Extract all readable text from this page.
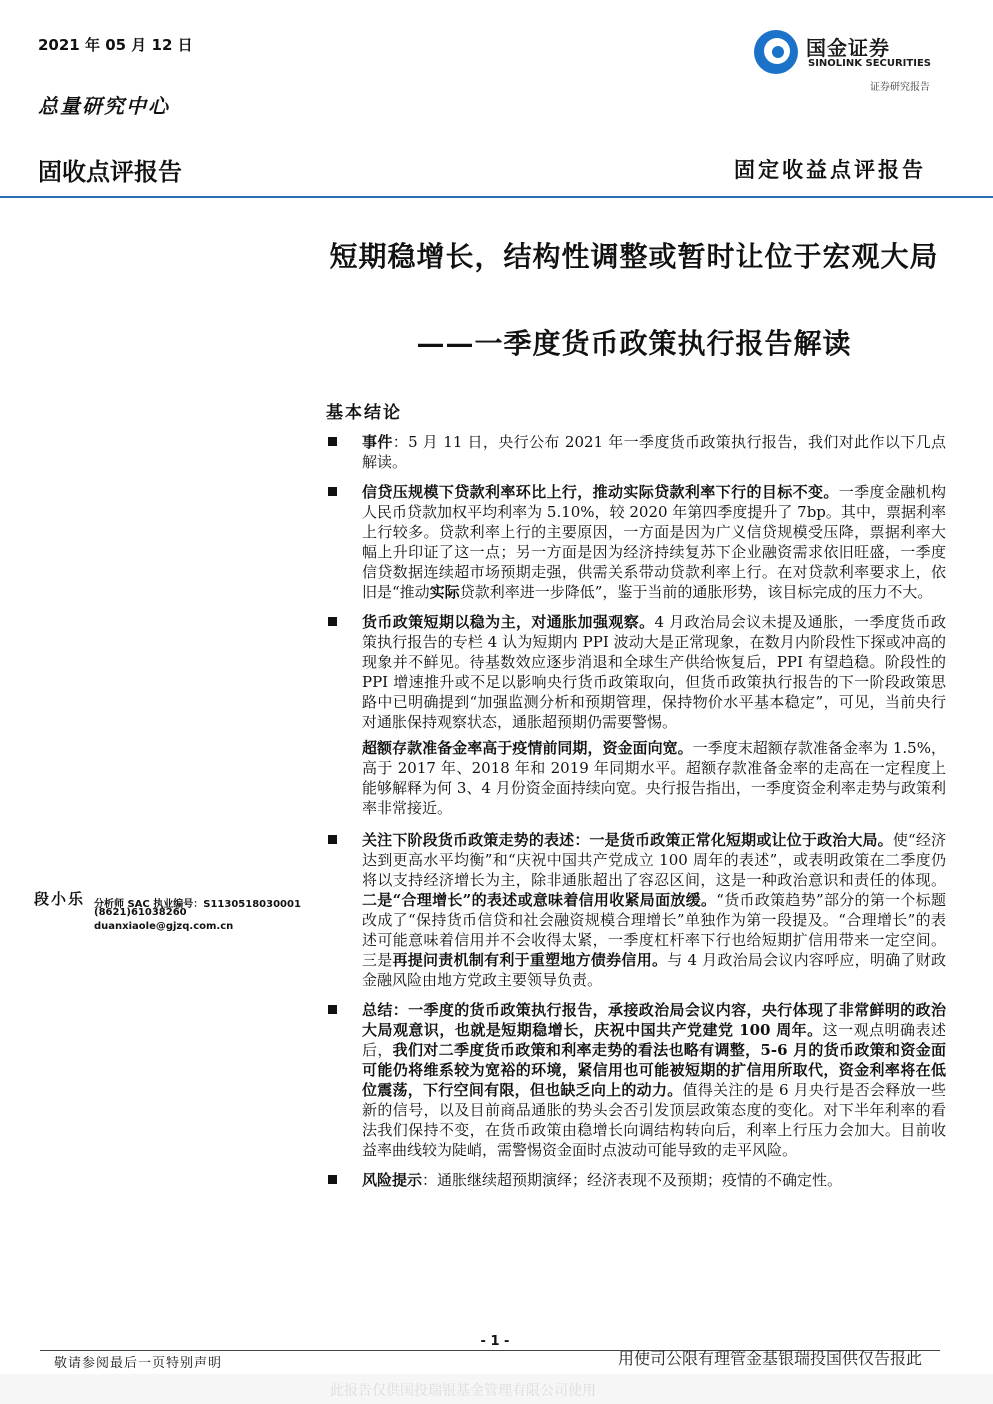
2021 年 05 月 12 日
总量研究中心
国金证券
SINOLINK SECURITIES
证券研究报告
固收点评报告	固定收益点评报告
短期稳增长，结构性调整或暂时让位于宏观大局
——一季度货币政策执行报告解读
基本结论
事件：5 月 11 日，央行公布 2021 年一季度货币政策执行报告，我们对此作以下几点解读。
信贷压规模下贷款利率环比上行，推动实际贷款利率下行的目标不变。一季度金融机构人民币贷款加权平均利率为 5.10%，较 2020 年第四季度提升了 7bp。其中，票据利率上行较多。贷款利率上行的主要原因，一方面是因为广义信贷规模受压降，票据利率大幅上升印证了这一点；另一方面是因为经济持续复苏下企业融资需求依旧旺盛，一季度信贷数据连续超市场预期走强，供需关系带动贷款利率上行。在对贷款利率要求上，依旧是“推动实际贷款利率进一步降低”，鉴于当前的通胀形势，该目标完成的压力不大。
货币政策短期以稳为主，对通胀加强观察。4 月政治局会议未提及通胀，一季度货币政策执行报告的专栏 4 认为短期内 PPI 波动大是正常现象，在数月内阶段性下探或冲高的现象并不鲜见。待基数效应逐步消退和全球生产供给恢复后，PPI 有望趋稳。阶段性的 PPI 增速推升或不足以影响央行货币政策取向，但货币政策执行报告的下一阶段政策思路中已明确提到“加强监测分析和预期管理，保持物价水平基本稳定”，可见，当前央行对通胀保持观察状态，通胀超预期仍需要警惕。
超额存款准备金率高于疫情前同期，资金面向宽。一季度末超额存款准备金率为 1.5%，高于 2017 年、2018 年和 2019 年同期水平。超额存款准备金率的走高在一定程度上能够解释为何 3、4 月份资金面持续向宽。央行报告指出，一季度资金利率走势与政策利率非常接近。
关注下阶段货币政策走势的表述：一是货币政策正常化短期或让位于政治大局。使“经济达到更高水平均衡”和“庆祝中国共产党成立 100 周年的表述”，或表明政策在二季度仍将以支持经济增长为主，除非通胀超出了容忍区间，这是一种政治意识和责任的体现。二是“合理增长”的表述或意味着信用收紧局面放缓。“货币政策趋势”部分的第一个标题改成了“保持货币信贷和社会融资规模合理增长”单独作为第一段提及。“合理增长”的表述可能意味着信用并不会收得太紧，一季度杠杆率下行也给短期扩信用带来一定空间。三是再提问责机制有利于重塑地方债券信用。与 4 月政治局会议内容呼应，明确了财政金融风险由地方党政主要领导负责。
总结：一季度的货币政策执行报告，承接政治局会议内容，央行体现了非常鲜明的政治大局观意识，也就是短期稳增长，庆祝中国共产党建党 100 周年。这一观点明确表述后，我们对二季度货币政策和利率走势的看法也略有调整，5-6 月的货币政策和资金面可能仍将维系较为宽裕的环境，紧信用也可能被短期的扩信用所取代，资金利率将在低位震荡，下行空间有限，但也缺乏向上的动力。值得关注的是 6 月央行是否会释放一些新的信号，以及目前商品通胀的势头会否引发顶层政策态度的变化。对下半年利率的看法我们保持不变，在货币政策由稳增长向调结构转向后，利率上行压力会加大。目前收益率曲线较为陡峭，需警惕资金面时点波动可能导致的走平风险。
风险提示：通胀继续超预期演绎；经济表现不及预期；疫情的不确定性。
段小乐 分析师 SAC 执业编号：S1130518030001
(8621)61038260
duanxiaole@gjzq.com.cn
- 1 -
敬请参阅最后一页特别声明	用使司公限有理管金基银瑞投国供仅告报此
此报告仅供国投瑞银基金管理有限公司使用
